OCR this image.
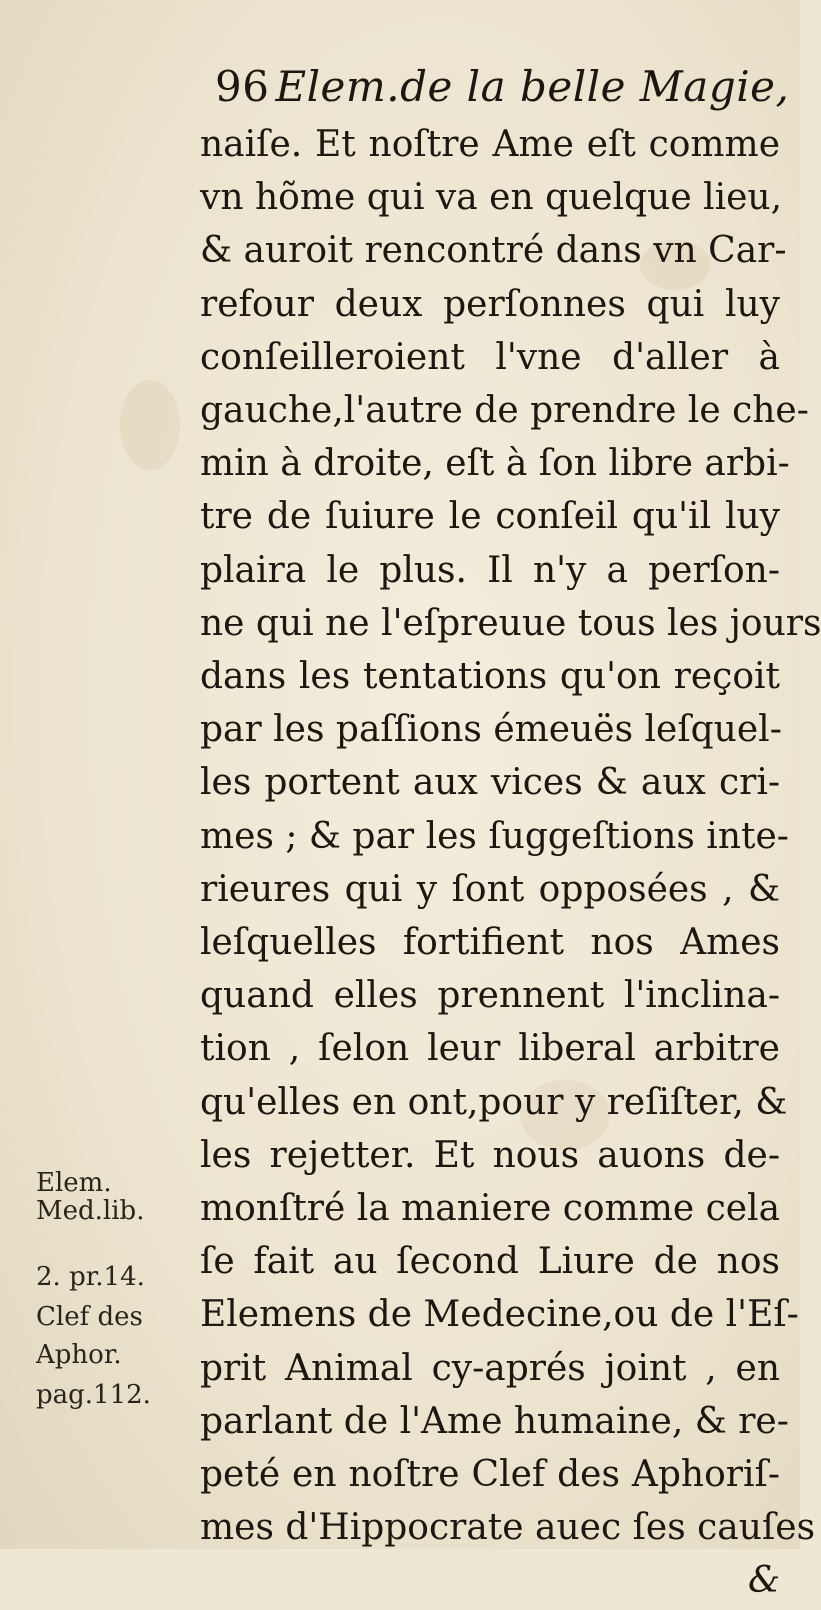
96 Elem.de la belle Magie,
naiſe. Et noſtre Ame eſt comme
vn hõme qui va en quelque lieu,
& auroit rencontré dans vn Car-
refour deux perſonnes qui luy
conſeilleroient l'vne d'aller à
gauche,l'autre de prendre le che-
min à droite, eſt à ſon libre arbi-
tre de ſuiure le conſeil qu'il luy
plaira le plus. Il n'y a perſon-
ne qui ne l'eſpreuue tous les jours
dans les tentations qu'on reçoit
par les paſſions émeuës leſquel-
les portent aux vices & aux cri-
mes ; & par les ſuggeſtions inte-
rieures qui y ſont opposées , &
leſquelles fortifient nos Ames
quand elles prennent l'inclina-
tion , ſelon leur liberal arbitre
qu'elles en ont,pour y reſiſter, &
les rejetter. Et nous auons de-
monſtré la maniere comme cela
ſe fait au ſecond Liure de nos
Elemens de Medecine,ou de l'Eſ-
prit Animal cy-aprés joint , en
parlant de l'Ame humaine, & re-
peté en noſtre Clef des Aphoriſ-
mes d'Hippocrate auec ſes cauſes
&
Elem.
Med.lib.
2. pr.14.
Clef des
Aphor.
pag.112.
